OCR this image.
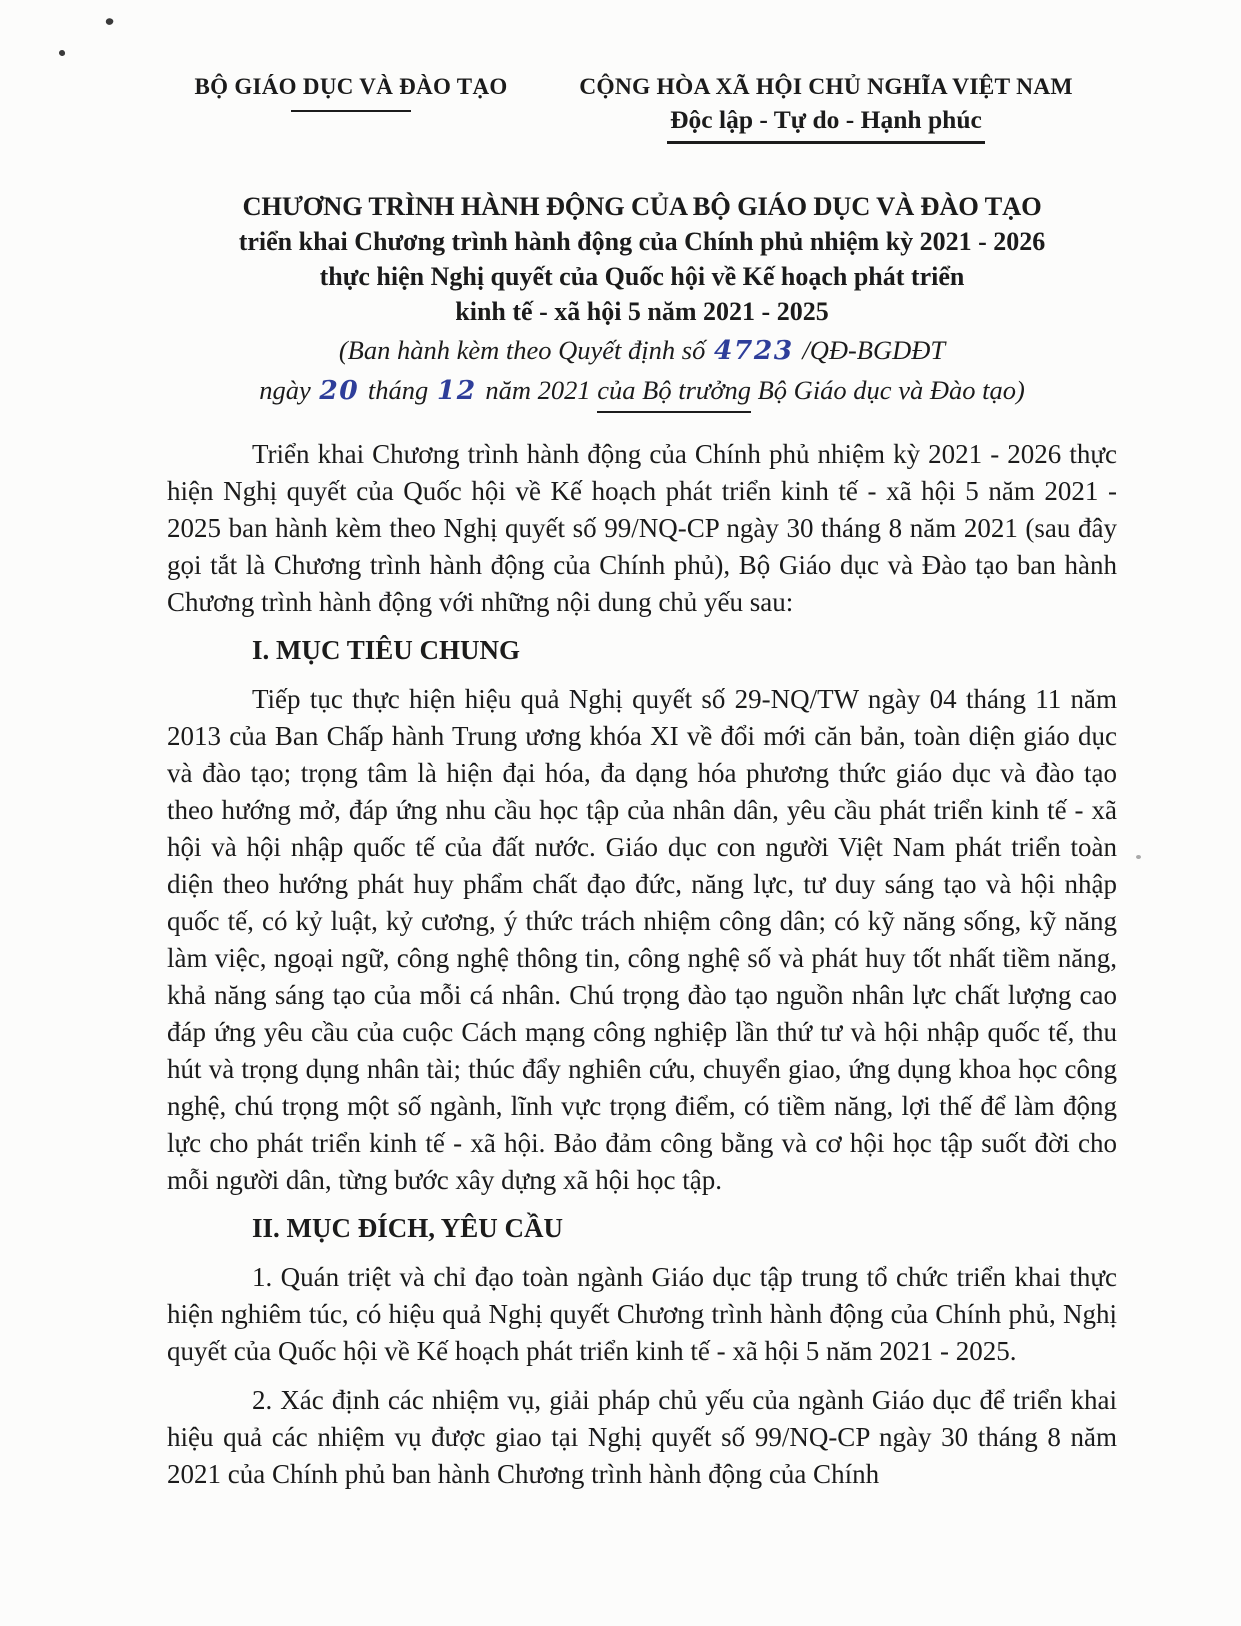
BỘ GIÁO DỤC VÀ ĐÀO TẠO	CỘNG HÒA XÃ HỘI CHỦ NGHĨA VIỆT NAM
Độc lập - Tự do - Hạnh phúc
CHƯƠNG TRÌNH HÀNH ĐỘNG CỦA BỘ GIÁO DỤC VÀ ĐÀO TẠO
triển khai Chương trình hành động của Chính phủ nhiệm kỳ 2021 - 2026
thực hiện Nghị quyết của Quốc hội về Kế hoạch phát triển
kinh tế - xã hội 5 năm 2021 - 2025
(Ban hành kèm theo Quyết định số 4723 /QĐ-BGDĐT
ngày 20 tháng 12 năm 2021 của Bộ trưởng Bộ Giáo dục và Đào tạo)

Triển khai Chương trình hành động của Chính phủ nhiệm kỳ 2021 - 2026 thực hiện Nghị quyết của Quốc hội về Kế hoạch phát triển kinh tế - xã hội 5 năm 2021 - 2025 ban hành kèm theo Nghị quyết số 99/NQ-CP ngày 30 tháng 8 năm 2021 (sau đây gọi tắt là Chương trình hành động của Chính phủ), Bộ Giáo dục và Đào tạo ban hành Chương trình hành động với những nội dung chủ yếu sau:

I. MỤC TIÊU CHUNG

Tiếp tục thực hiện hiệu quả Nghị quyết số 29-NQ/TW ngày 04 tháng 11 năm 2013 của Ban Chấp hành Trung ương khóa XI về đổi mới căn bản, toàn diện giáo dục và đào tạo; trọng tâm là hiện đại hóa, đa dạng hóa phương thức giáo dục và đào tạo theo hướng mở, đáp ứng nhu cầu học tập của nhân dân, yêu cầu phát triển kinh tế - xã hội và hội nhập quốc tế của đất nước. Giáo dục con người Việt Nam phát triển toàn diện theo hướng phát huy phẩm chất đạo đức, năng lực, tư duy sáng tạo và hội nhập quốc tế, có kỷ luật, kỷ cương, ý thức trách nhiệm công dân; có kỹ năng sống, kỹ năng làm việc, ngoại ngữ, công nghệ thông tin, công nghệ số và phát huy tốt nhất tiềm năng, khả năng sáng tạo của mỗi cá nhân. Chú trọng đào tạo nguồn nhân lực chất lượng cao đáp ứng yêu cầu của cuộc Cách mạng công nghiệp lần thứ tư và hội nhập quốc tế, thu hút và trọng dụng nhân tài; thúc đẩy nghiên cứu, chuyển giao, ứng dụng khoa học công nghệ, chú trọng một số ngành, lĩnh vực trọng điểm, có tiềm năng, lợi thế để làm động lực cho phát triển kinh tế - xã hội. Bảo đảm công bằng và cơ hội học tập suốt đời cho mỗi người dân, từng bước xây dựng xã hội học tập.

II. MỤC ĐÍCH, YÊU CẦU

1. Quán triệt và chỉ đạo toàn ngành Giáo dục tập trung tổ chức triển khai thực hiện nghiêm túc, có hiệu quả Nghị quyết Chương trình hành động của Chính phủ, Nghị quyết của Quốc hội về Kế hoạch phát triển kinh tế - xã hội 5 năm 2021 - 2025.

2. Xác định các nhiệm vụ, giải pháp chủ yếu của ngành Giáo dục để triển khai hiệu quả các nhiệm vụ được giao tại Nghị quyết số 99/NQ-CP ngày 30 tháng 8 năm 2021 của Chính phủ ban hành Chương trình hành động của Chính
